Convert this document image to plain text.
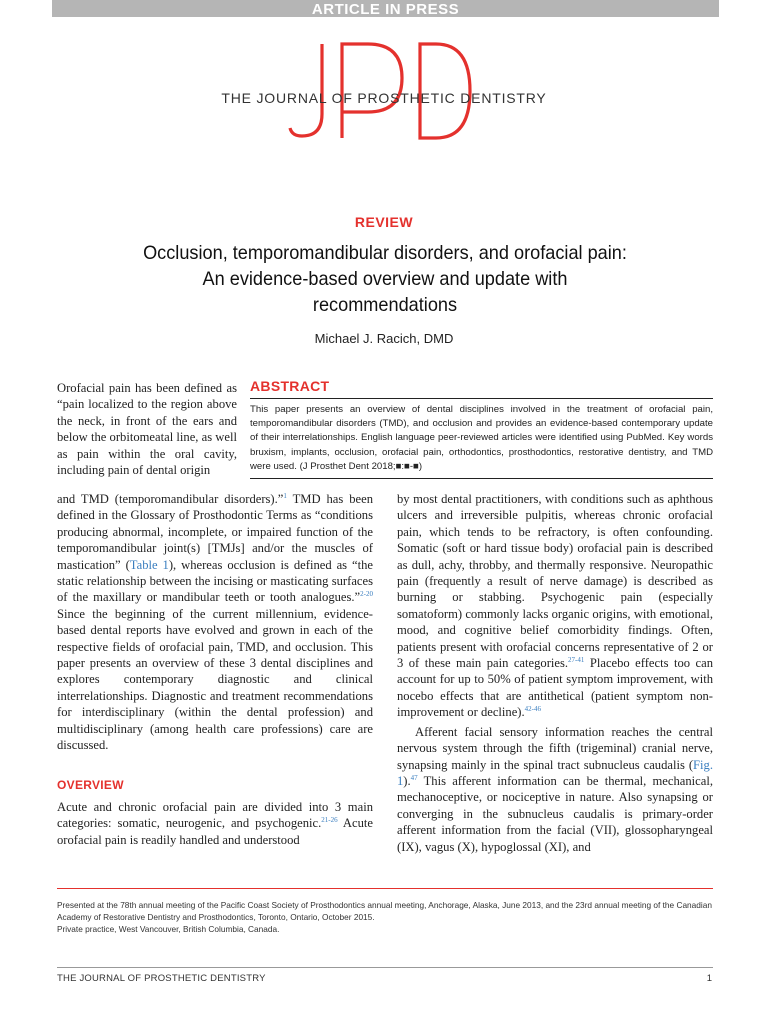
ARTICLE IN PRESS
THE JOURNAL OF PROSTHETIC DENTISTRY
REVIEW
Occlusion, temporomandibular disorders, and orofacial pain:
An evidence-based overview and update with
recommendations
Michael J. Racich, DMD
Orofacial pain has been defined as “pain localized to the region above the neck, in front of the ears and below the orbitomeatal line, as well as pain within the oral cavity, including pain of dental origin
ABSTRACT
This paper presents an overview of dental disciplines involved in the treatment of orofacial pain, temporomandibular disorders (TMD), and occlusion and provides an evidence-based contemporary update of their interrelationships. English language peer-reviewed articles were identified using PubMed. Key words bruxism, implants, occlusion, orofacial pain, orthodontics, prosthodontics, restorative dentistry, and TMD were used. (J Prosthet Dent 2018;■:■-■)
and TMD (temporomandibular disorders).”$^1$ TMD has been defined in the Glossary of Prosthodontic Terms as “conditions producing abnormal, incomplete, or impaired function of the temporomandibular joint(s) [TMJs] and/or the muscles of mastication” (Table 1), whereas occlusion is defined as “the static relationship between the incising or masticating surfaces of the maxillary or mandibular teeth or tooth analogues.”$^{2-20}$ Since the beginning of the current millennium, evidence-based dental reports have evolved and grown in each of the respective fields of orofacial pain, TMD, and occlusion. This paper presents an overview of these 3 dental disciplines and explores contemporary diagnostic and clinical interrelationships. Diagnostic and treatment recommendations for interdisciplinary (within the dental profession) and multidisciplinary (among health care professions) care are discussed.
OVERVIEW
Acute and chronic orofacial pain are divided into 3 main categories: somatic, neurogenic, and psychogenic.$^{21-26}$ Acute orofacial pain is readily handled and understood

by most dental practitioners, with conditions such as aphthous ulcers and irreversible pulpitis, whereas chronic orofacial pain, which tends to be refractory, is often confounding. Somatic (soft or hard tissue body) orofacial pain is described as dull, achy, throbby, and thermally responsive. Neuropathic pain (frequently a result of nerve damage) is described as burning or stabbing. Psychogenic pain (especially somatoform) commonly lacks organic origins, with emotional, mood, and cognitive belief comorbidity findings. Often, patients present with orofacial concerns representative of 2 or 3 of these main pain categories.$^{27-41}$ Placebo effects too can account for up to 50% of patient symptom improvement, with nocebo effects that are antithetical (patient symptom non-improvement or decline).$^{42-46}$

Afferent facial sensory information reaches the central nervous system through the fifth (trigeminal) cranial nerve, synapsing mainly in the spinal tract subnucleus caudalis (Fig. 1).$^{47}$ This afferent information can be thermal, mechanical, mechanoceptive, or nociceptive in nature. Also synapsing or converging in the subnucleus caudalis is primary-order afferent information from the facial (VII), glossopharyngeal (IX), vagus (X), hypoglossal (XI), and

Presented at the 78th annual meeting of the Pacific Coast Society of Prosthodontics annual meeting, Anchorage, Alaska, June 2013, and the 23rd annual meeting of the Canadian Academy of Restorative Dentistry and Prosthodontics, Toronto, Ontario, October 2015.
Private practice, West Vancouver, British Columbia, Canada.
THE JOURNAL OF PROSTHETIC DENTISTRY	1
